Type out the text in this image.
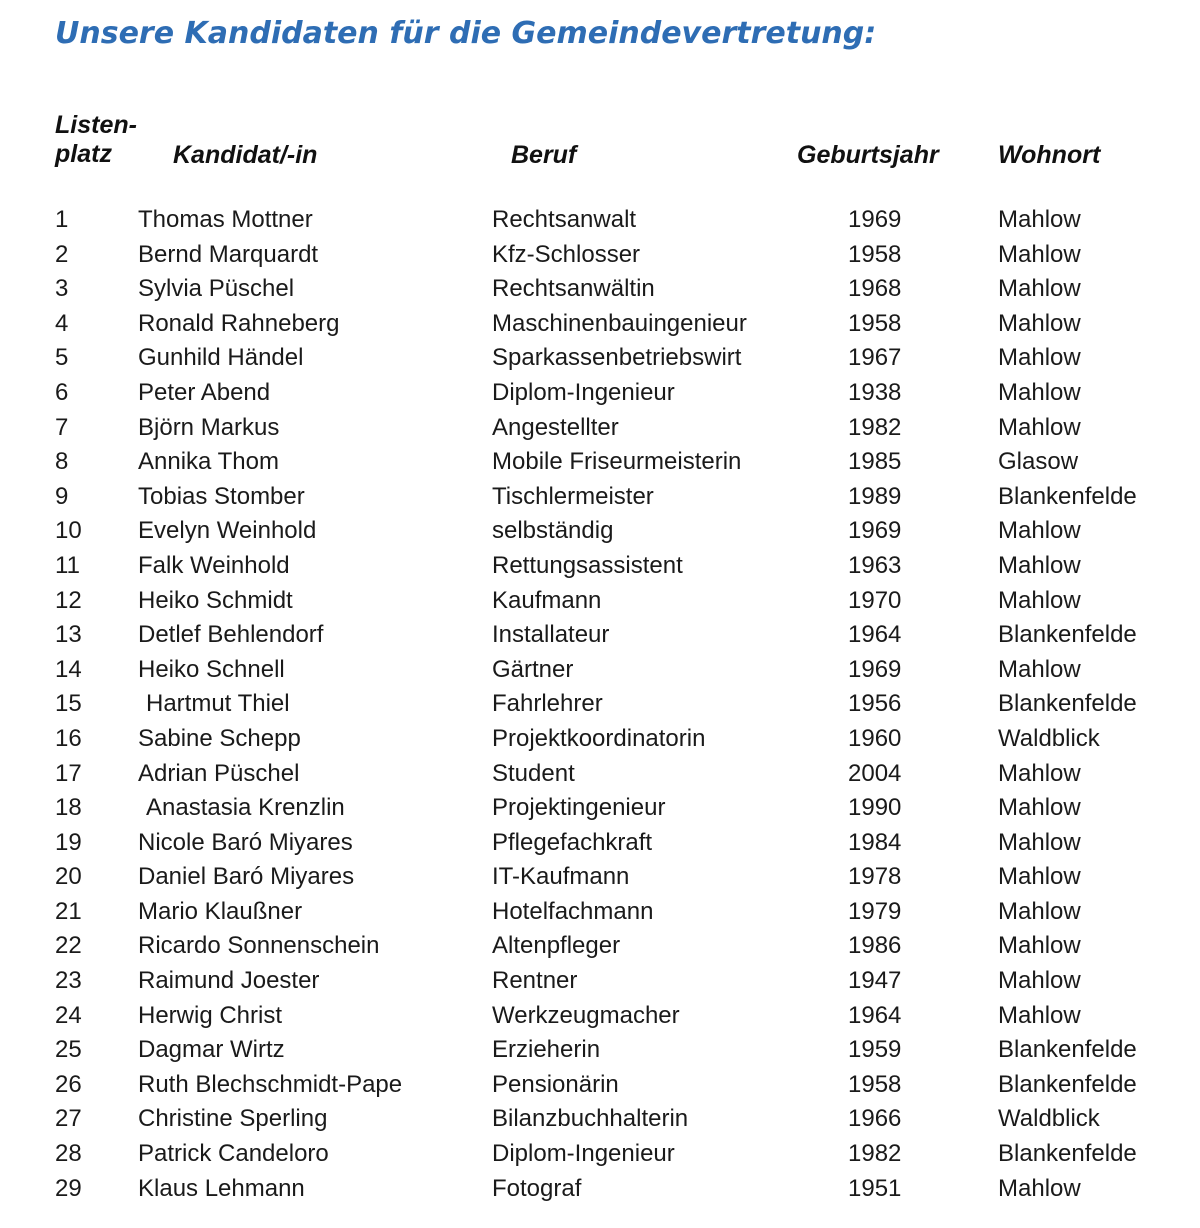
Unsere Kandidaten für die Gemeindevertretung:
Listen-
platz	Kandidat/-in	Beruf	Geburtsjahr Wohnort
1	Thomas Mottner	Rechtsanwalt	1969	Mahlow
2	Bernd Marquardt	Kfz-Schlosser	1958	Mahlow
3	Sylvia Püschel	Rechtsanwältin	1968	Mahlow
4	Ronald Rahneberg	Maschinenbauingenieur	1958	Mahlow
5	Gunhild Händel	Sparkassenbetriebswirt	1967	Mahlow
6	Peter Abend	Diplom-Ingenieur	1938	Mahlow
7	Björn Markus	Angestellter	1982	Mahlow
8	Annika Thom	Mobile Friseurmeisterin	1985	Glasow
9	Tobias Stomber	Tischlermeister	1989	Blankenfelde
10 Evelyn Weinhold	selbständig	1969	Mahlow
11 Falk Weinhold	Rettungsassistent	1963	Mahlow
12 Heiko Schmidt	Kaufmann	1970	Mahlow
13 Detlef Behlendorf	Installateur	1964	Blankenfelde
14 Heiko Schnell	Gärtner	1969	Mahlow
15	Hartmut Thiel	Fahrlehrer	1956	Blankenfelde
16 Sabine Schepp	Projektkoordinatorin	1960	Waldblick
17 Adrian Püschel	Student	2004	Mahlow
18	Anastasia Krenzlin	Projektingenieur	1990	Mahlow
19 Nicole Baró Miyares	Pflegefachkraft	1984	Mahlow
20 Daniel Baró Miyares	IT-Kaufmann	1978	Mahlow
21 Mario Klaußner	Hotelfachmann	1979	Mahlow
22 Ricardo Sonnenschein	Altenpfleger	1986	Mahlow
23 Raimund Joester	Rentner	1947	Mahlow
24 Herwig Christ	Werkzeugmacher	1964	Mahlow
25 Dagmar Wirtz	Erzieherin	1959	Blankenfelde
26 Ruth Blechschmidt-Pape	Pensionärin	1958	Blankenfelde
27 Christine Sperling	Bilanzbuchhalterin	1966	Waldblick
28 Patrick Candeloro	Diplom-Ingenieur	1982	Blankenfelde
29 Klaus Lehmann	Fotograf	1951	Mahlow
